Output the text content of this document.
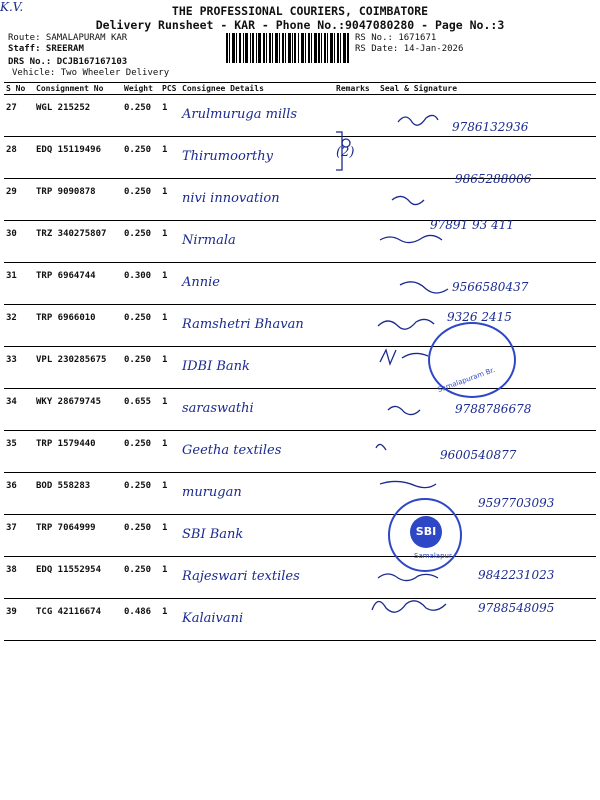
THE PROFESSIONAL COURIERS, COIMBATORE
Delivery Runsheet - KAR - Phone No.:9047080280 - Page No.:3
Route: SAMALAPURAM KAR
Staff: SREERAM
DRS No.: DCJB167167103
Vehicle: Two Wheeler Delivery
RS No.: 1671671
RS Date: 14-Jan-2026
S No	Consignment No	Weight	PCS	Consignee Details	Remarks	Seal & Signature
27	WGL 215252	0.250	1	Arulmuruga mills		
28	EDQ 15119496	0.250	1	Thirumoorthy	(2)	
29	TRP 9090878	0.250	1	nivi innovation		
30	TRZ 340275807	0.250	1	Nirmala		
31	TRP 6964744	0.300	1	Annie		
32	TRP 6966010	0.250	1	Ramshetri Bhavan		
33	VPL 230285675	0.250	1	IDBI Bank		
34	WKY 28679745	0.655	1	saraswathi		
35	TRP 1579440	0.250	1	Geetha textiles		
36	BOD 558283	0.250	1	murugan		
37	TRP 7064999	0.250	1	SBI Bank		
38	EDQ 11552954	0.250	1	Rajeswari textiles		
39	TCG 42116674	0.486	1	Kalaivani		
Samalapuram Br.
SBI
Samalapur
9786132936
9865288006
97891 93 411
9566580437
9326 2415
K.V.
9788786678
9600540877
9597703093
9842231023
9788548095
